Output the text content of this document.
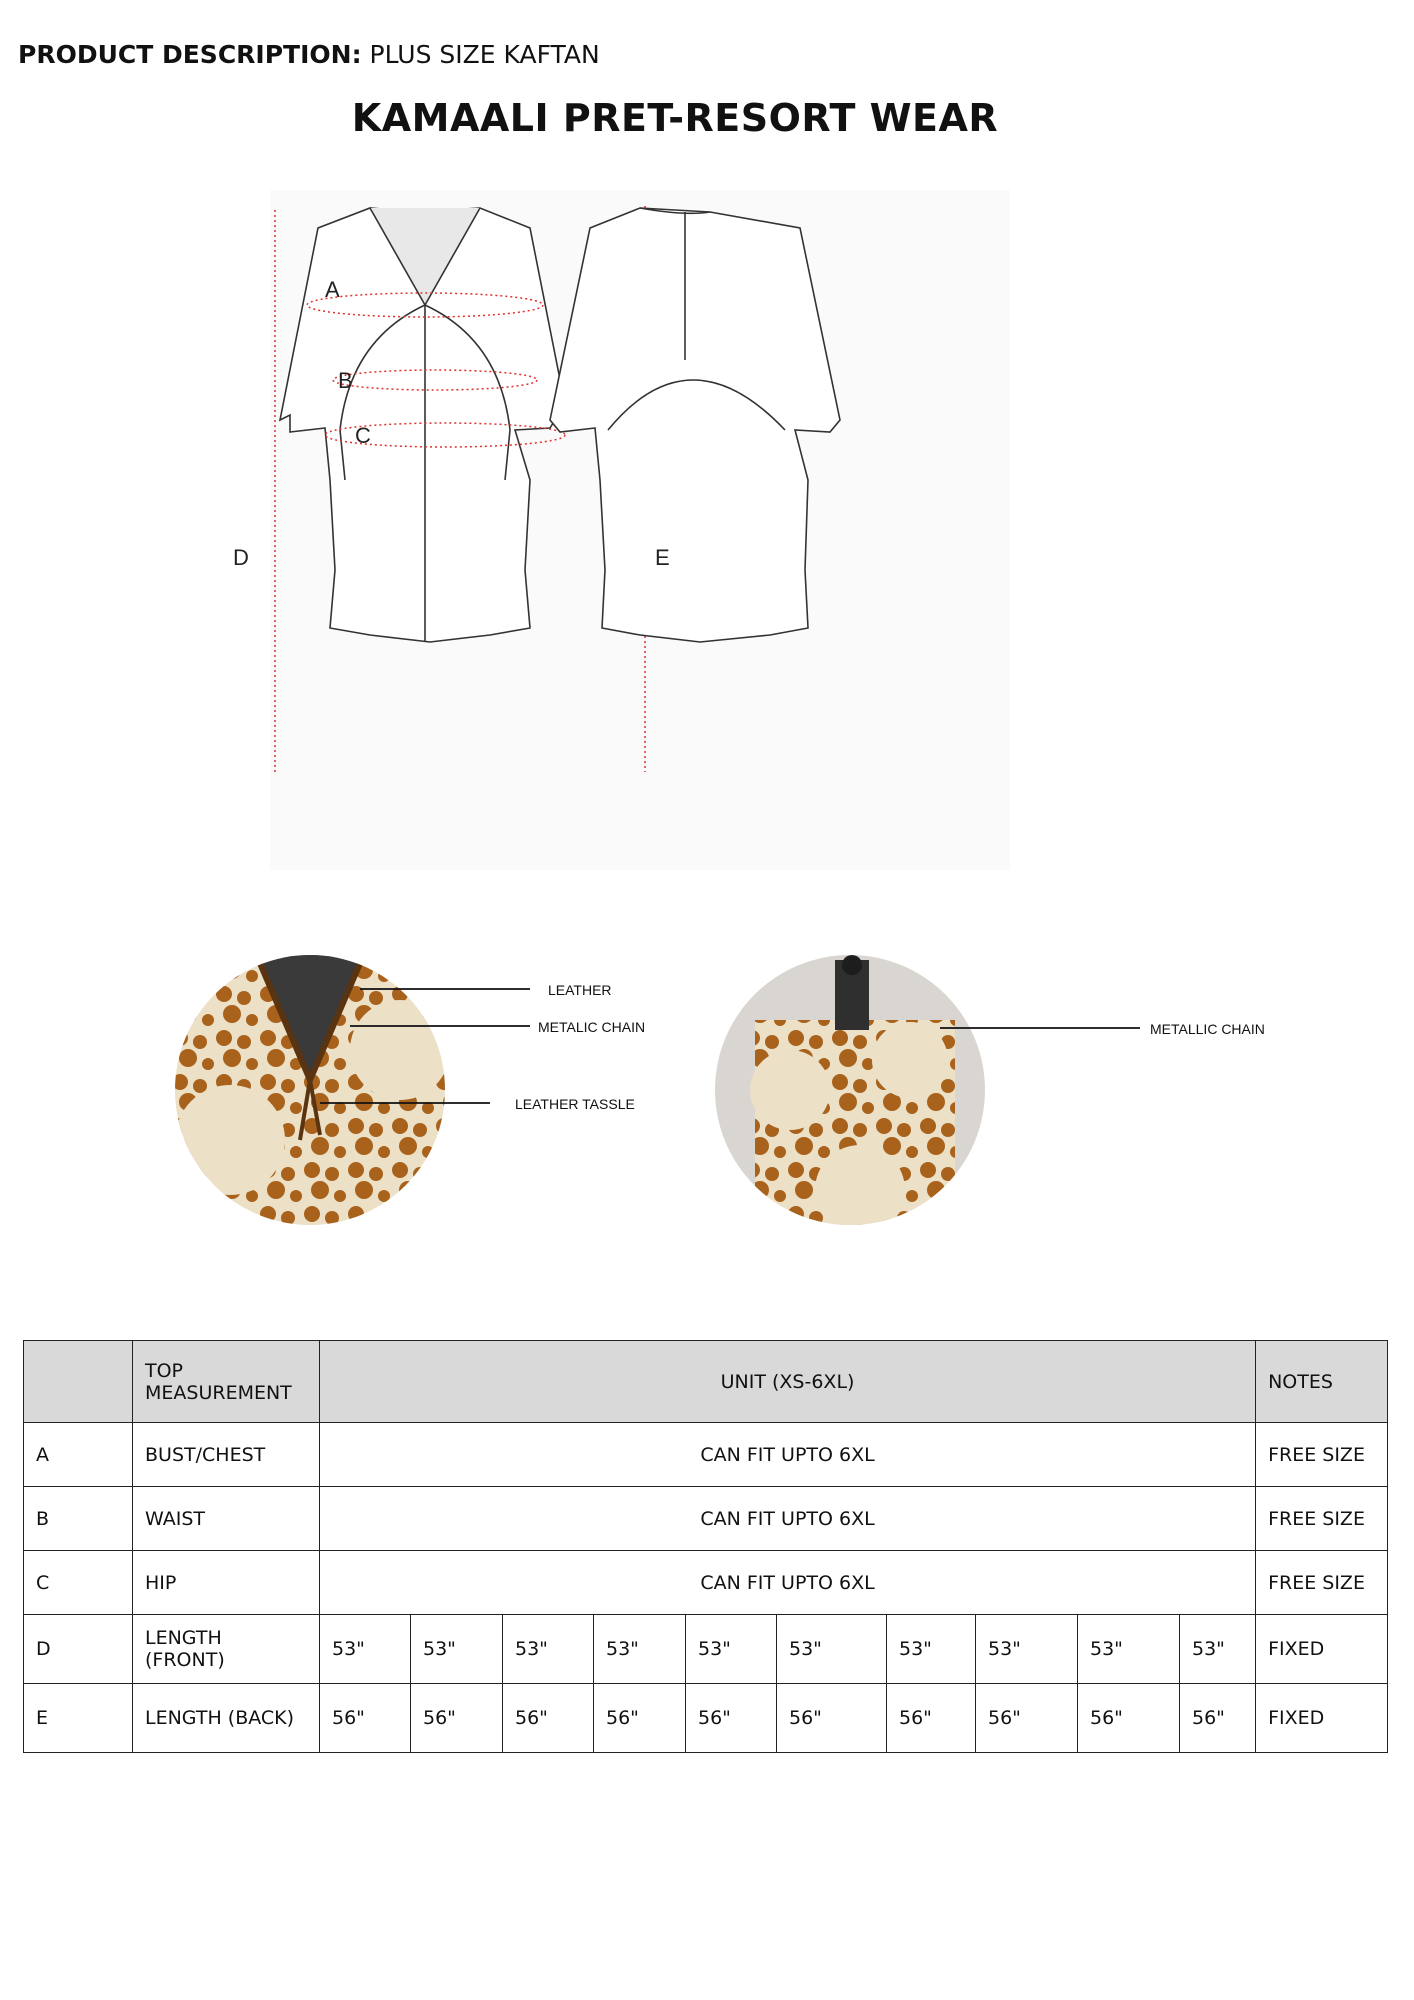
PRODUCT DESCRIPTION: PLUS SIZE KAFTAN
KAMAALI PRET-RESORT WEAR
A
B
C
D	E
LEATHER
METALIC CHAIN
LEATHER TASSLE
METALLIC CHAIN
	TOP MEASUREMENT	UNIT (XS-6XL)										NOTES
A	BUST/CHEST	CAN FIT UPTO 6XL										FREE SIZE
B	WAIST	CAN FIT UPTO 6XL										FREE SIZE
C	HIP	CAN FIT UPTO 6XL										FREE SIZE
D	LENGTH (FRONT)	53"	53"	53"	53"	53"	53"	53"	53"	53"	53"	FIXED
E	LENGTH (BACK)	56"	56"	56"	56"	56"	56"	56"	56"	56"	56"	FIXED
